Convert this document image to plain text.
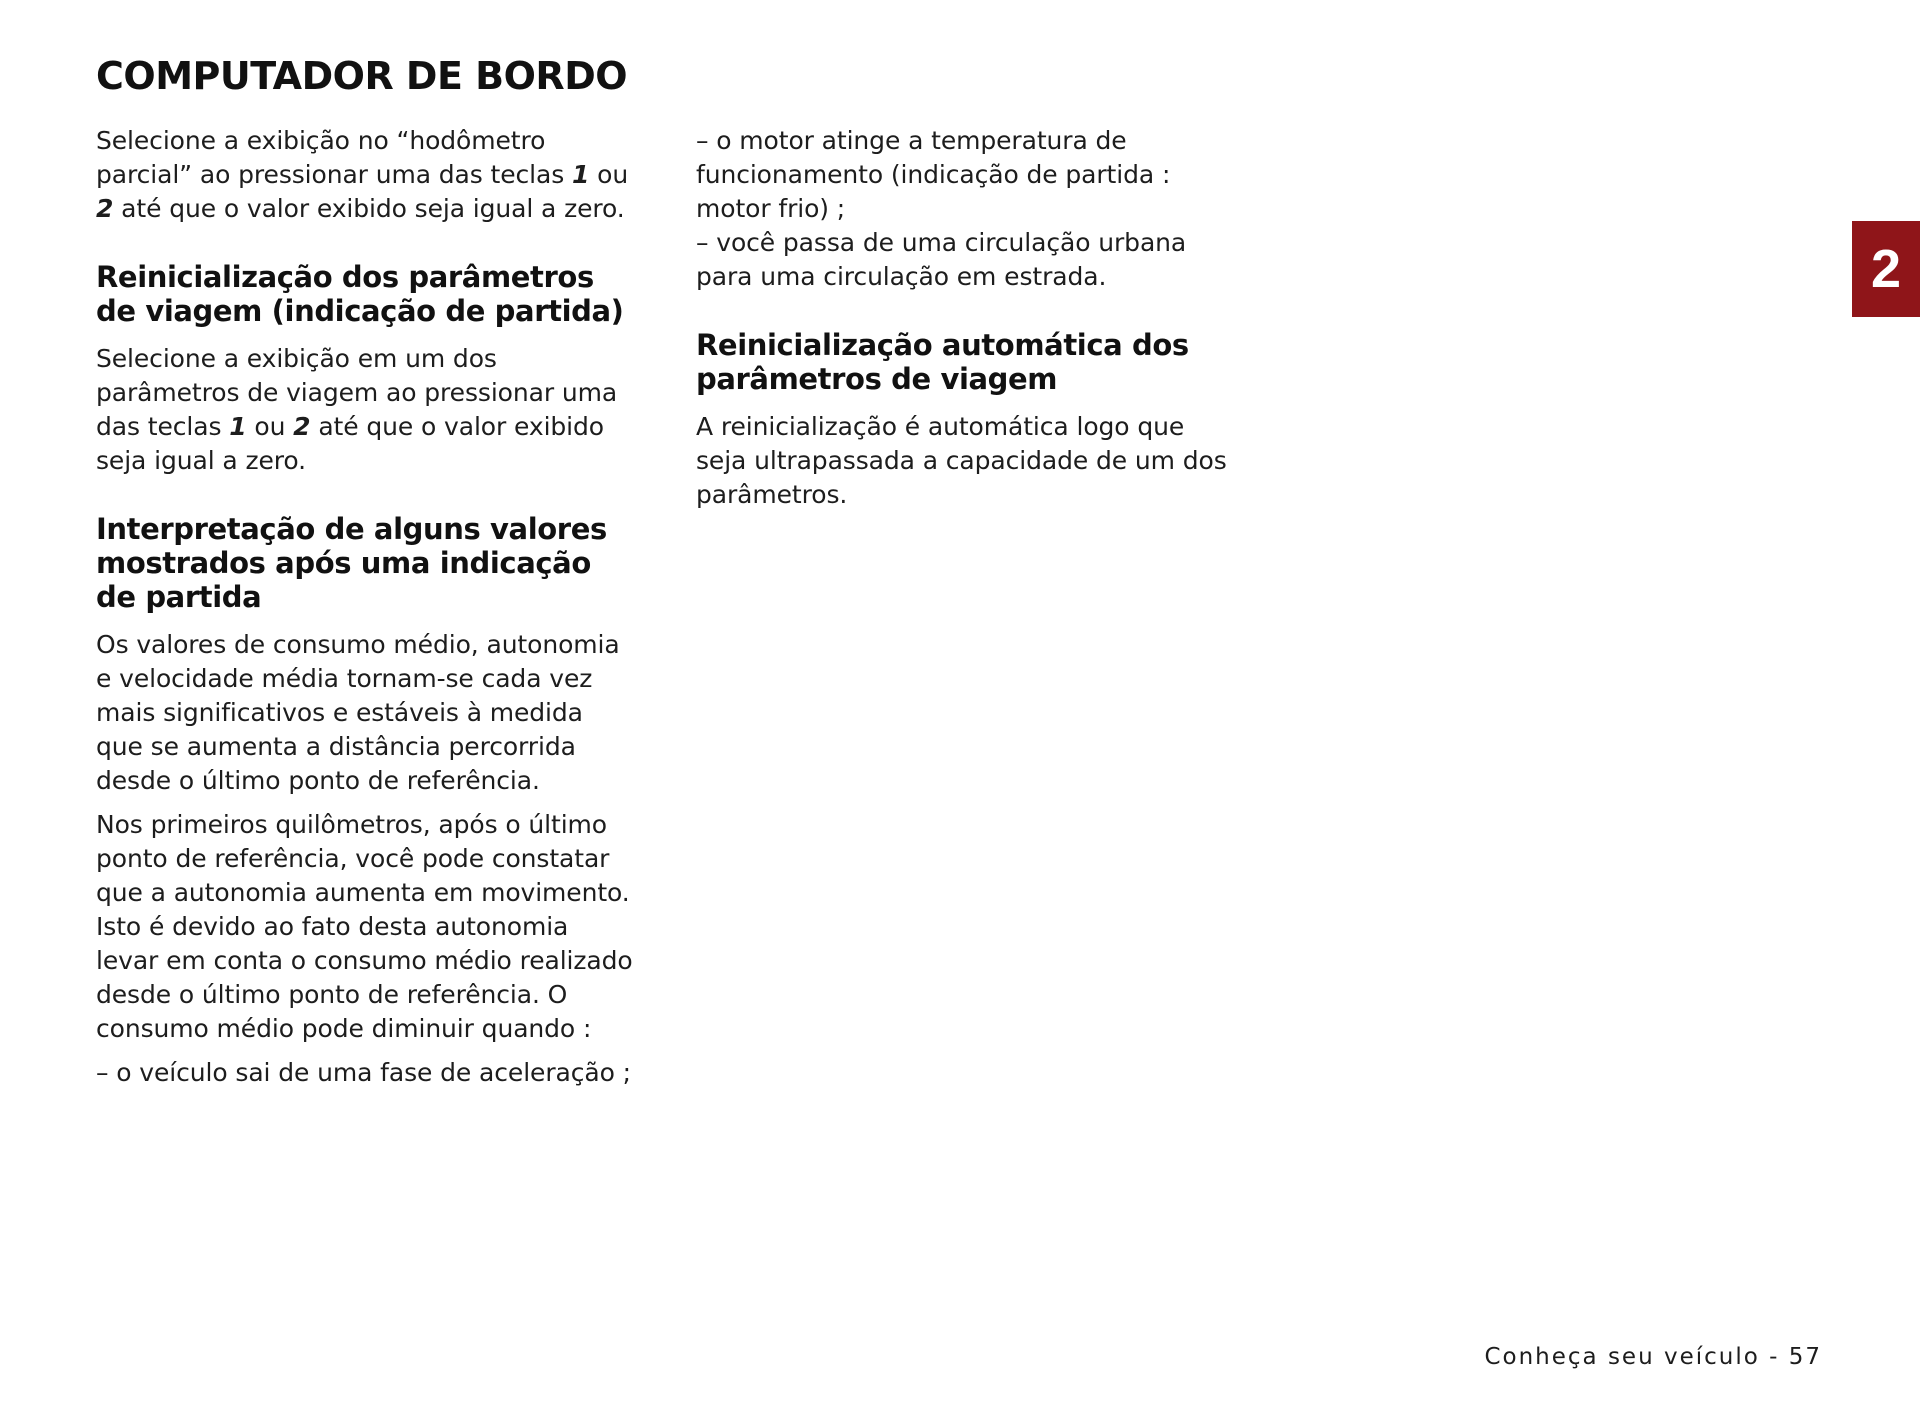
COMPUTADOR DE BORDO
2

Selecione a exibição no “hodômetro parcial” ao pressionar uma das teclas 1 ou 2 até que o valor exibido seja igual a zero.

Reinicialização dos parâmetros de viagem (indicação de partida)

Selecione a exibição em um dos parâmetros de viagem ao pressionar uma das teclas 1 ou 2 até que o valor exibido seja igual a zero.

Interpretação de alguns valores mostrados após uma indicação de partida

Os valores de consumo médio, autonomia e velocidade média tornam-se cada vez mais significativos e estáveis à medida que se aumenta a distância percorrida desde o último ponto de referência.

Nos primeiros quilômetros, após o último ponto de referência, você pode constatar que a autonomia aumenta em movimento. Isto é devido ao fato desta autonomia levar em conta o consumo médio realizado desde o último ponto de referência. O consumo médio pode diminuir quando :

– o veículo sai de uma fase de aceleração ;

– o motor atinge a temperatura de funcionamento (indicação de partida : motor frio) ;

– você passa de uma circulação urbana para uma circulação em estrada.

Reinicialização automática dos parâmetros de viagem

A reinicialização é automática logo que seja ultrapassada a capacidade de um dos parâmetros.

Conheça seu veículo - 57
